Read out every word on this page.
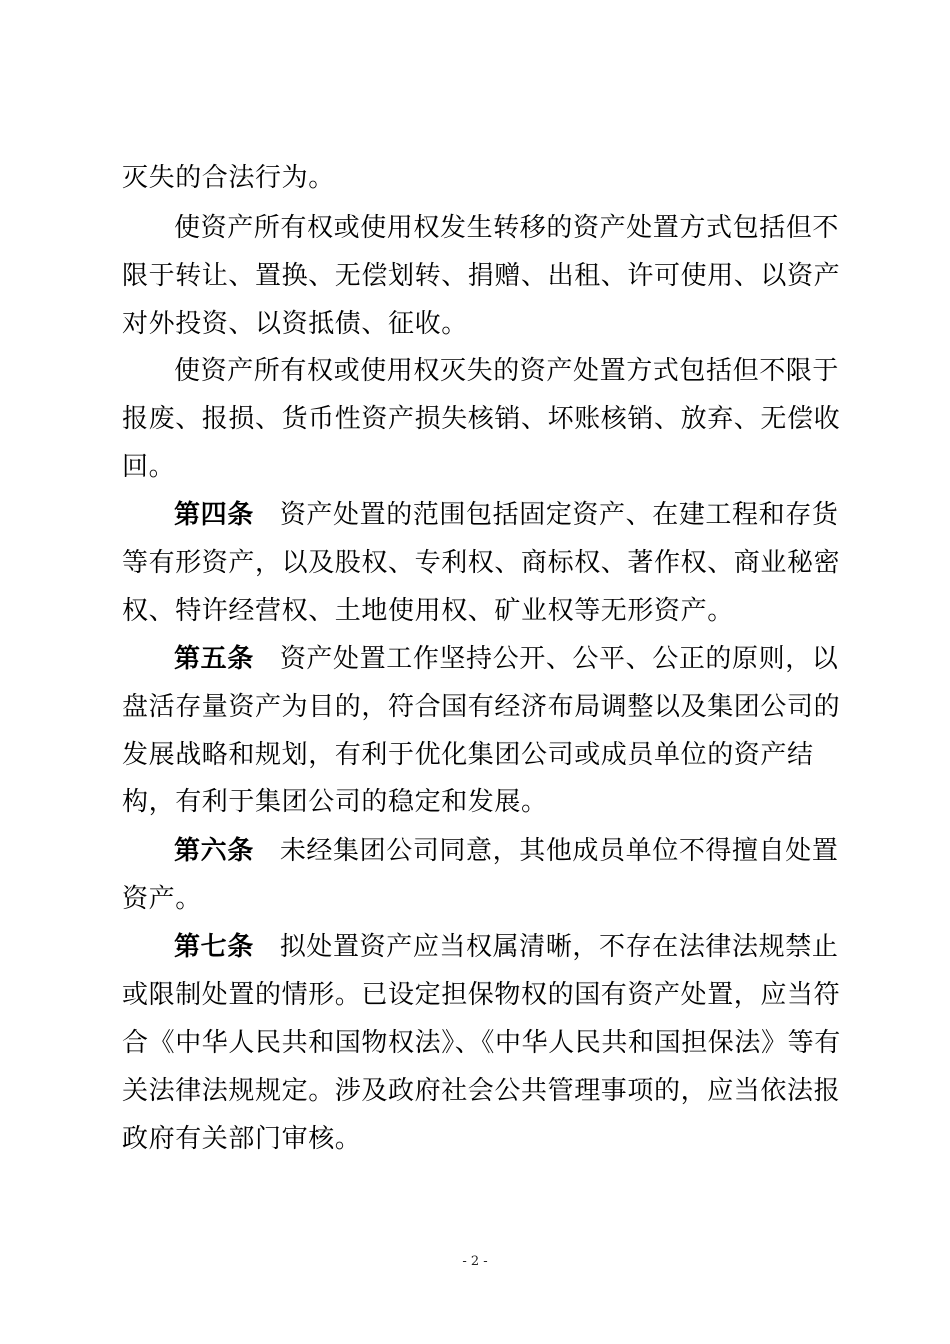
灭失的合法行为。
使资产所有权或使用权发生转移的资产处置方式包括但不
限于转让、置换、无偿划转、捐赠、出租、许可使用、以资产
对外投资、以资抵债、征收。
使资产所有权或使用权灭失的资产处置方式包括但不限于
报废、报损、货币性资产损失核销、坏账核销、放弃、无偿收
回。
第四条 资产处置的范围包括固定资产、在建工程和存货
等有形资产，以及股权、专利权、商标权、著作权、商业秘密
权、特许经营权、土地使用权、矿业权等无形资产。
第五条 资产处置工作坚持公开、公平、公正的原则，以
盘活存量资产为目的，符合国有经济布局调整以及集团公司的
发展战略和规划，有利于优化集团公司或成员单位的资产结
构，有利于集团公司的稳定和发展。
第六条 未经集团公司同意，其他成员单位不得擅自处置
资产。
第七条 拟处置资产应当权属清晰，不存在法律法规禁止
或限制处置的情形。已设定担保物权的国有资产处置，应当符
合《中华人民共和国物权法》、《中华人民共和国担保法》等有
关法律法规规定。涉及政府社会公共管理事项的，应当依法报
政府有关部门审核。
- 2 -
